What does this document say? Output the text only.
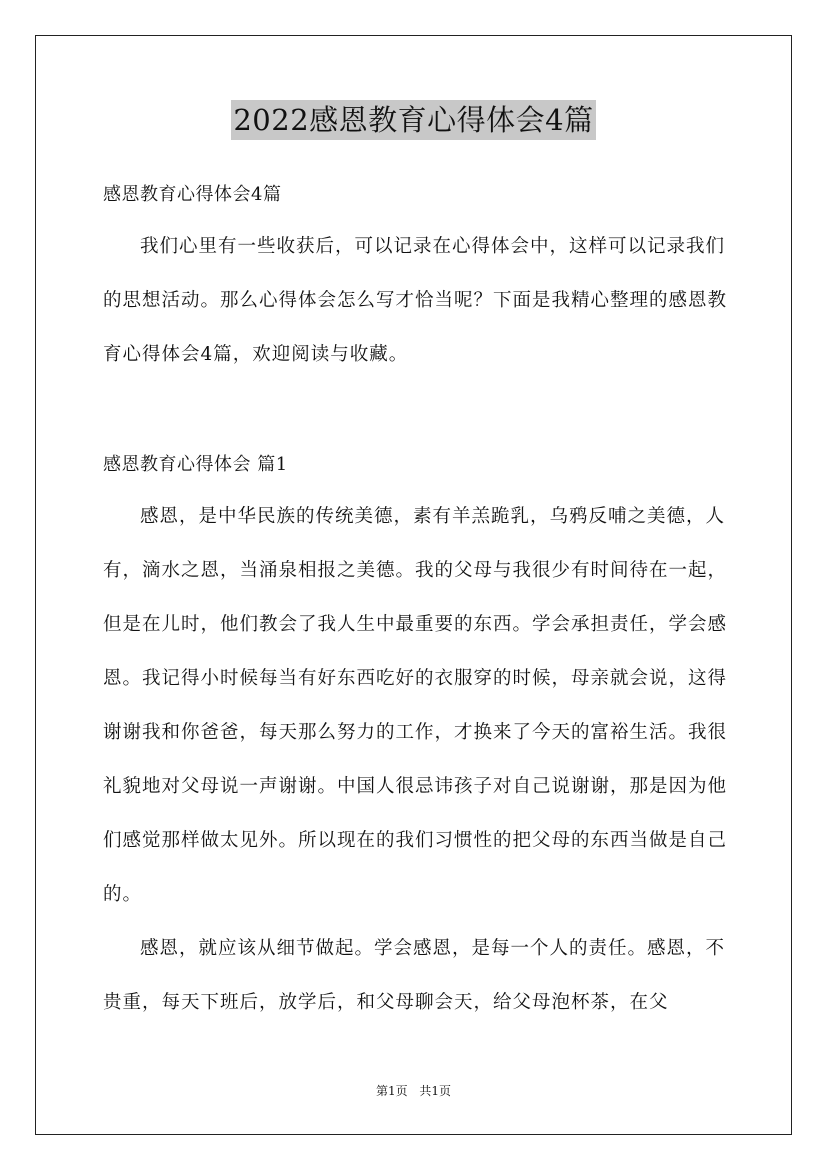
2022感恩教育心得体会4篇
感恩教育心得体会4篇
我们心里有一些收获后，可以记录在心得体会中，这样可以记录我们的思想活动。那么心得体会怎么写才恰当呢？下面是我精心整理的感恩教育心得体会4篇，欢迎阅读与收藏。
感恩教育心得体会 篇1
感恩，是中华民族的传统美德，素有羊羔跪乳，乌鸦反哺之美德，人有，滴水之恩，当涌泉相报之美德。我的父母与我很少有时间待在一起，但是在儿时，他们教会了我人生中最重要的东西。学会承担责任，学会感恩。我记得小时候每当有好东西吃好的衣服穿的时候，母亲就会说，这得谢谢我和你爸爸，每天那么努力的工作，才换来了今天的富裕生活。我很礼貌地对父母说一声谢谢。中国人很忌讳孩子对自己说谢谢，那是因为他们感觉那样做太见外。所以现在的我们习惯性的把父母的东西当做是自己的。
感恩，就应该从细节做起。学会感恩，是每一个人的责任。感恩，不贵重，每天下班后，放学后，和父母聊会天，给父母泡杯茶，在父
第1页 共1页
